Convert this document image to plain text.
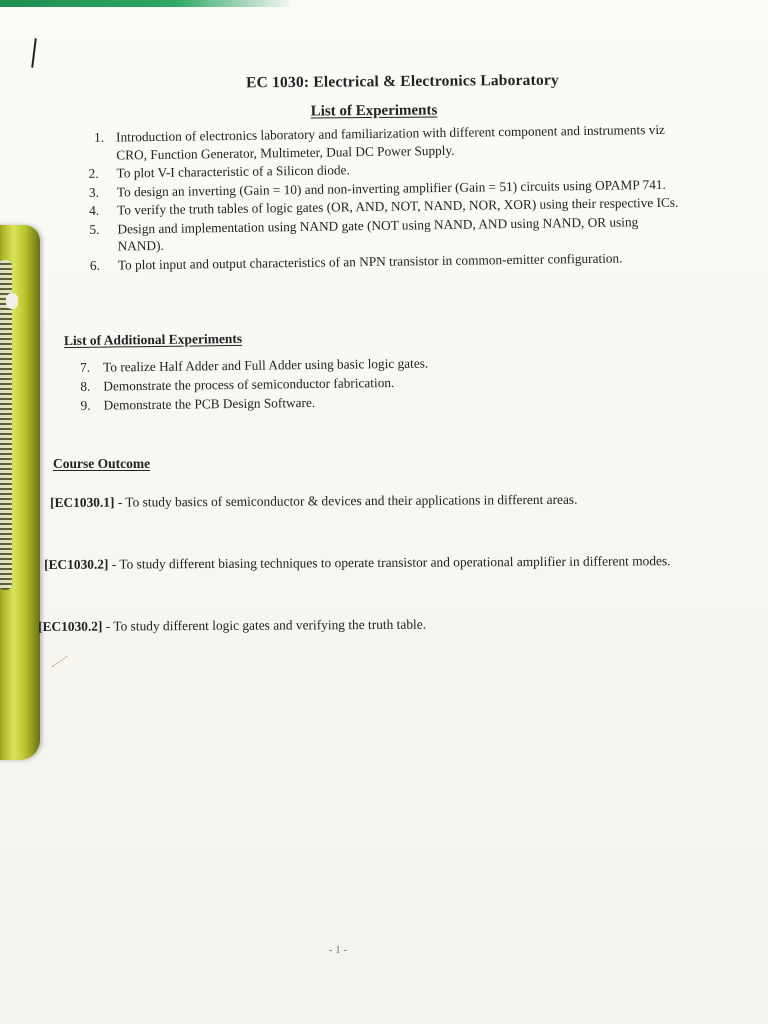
EC 1030: Electrical & Electronics Laboratory
List of Experiments
1. Introduction of electronics laboratory and familiarization with different component and instruments viz CRO, Function Generator, Multimeter, Dual DC Power Supply.
2. To plot V-I characteristic of a Silicon diode.
3. To design an inverting (Gain = 10) and non-inverting amplifier (Gain = 51) circuits using OPAMP 741.
4. To verify the truth tables of logic gates (OR, AND, NOT, NAND, NOR, XOR) using their respective ICs.
5. Design and implementation using NAND gate (NOT using NAND, AND using NAND, OR using NAND).
6. To plot input and output characteristics of an NPN transistor in common-emitter configuration.
List of Additional Experiments
7. To realize Half Adder and Full Adder using basic logic gates.
8. Demonstrate the process of semiconductor fabrication.
9. Demonstrate the PCB Design Software.
Course Outcome
[EC1030.1] - To study basics of semiconductor & devices and their applications in different areas.
[EC1030.2] - To study different biasing techniques to operate transistor and operational amplifier in different modes.
[EC1030.2] - To study different logic gates and verifying the truth table.
- 1 -
